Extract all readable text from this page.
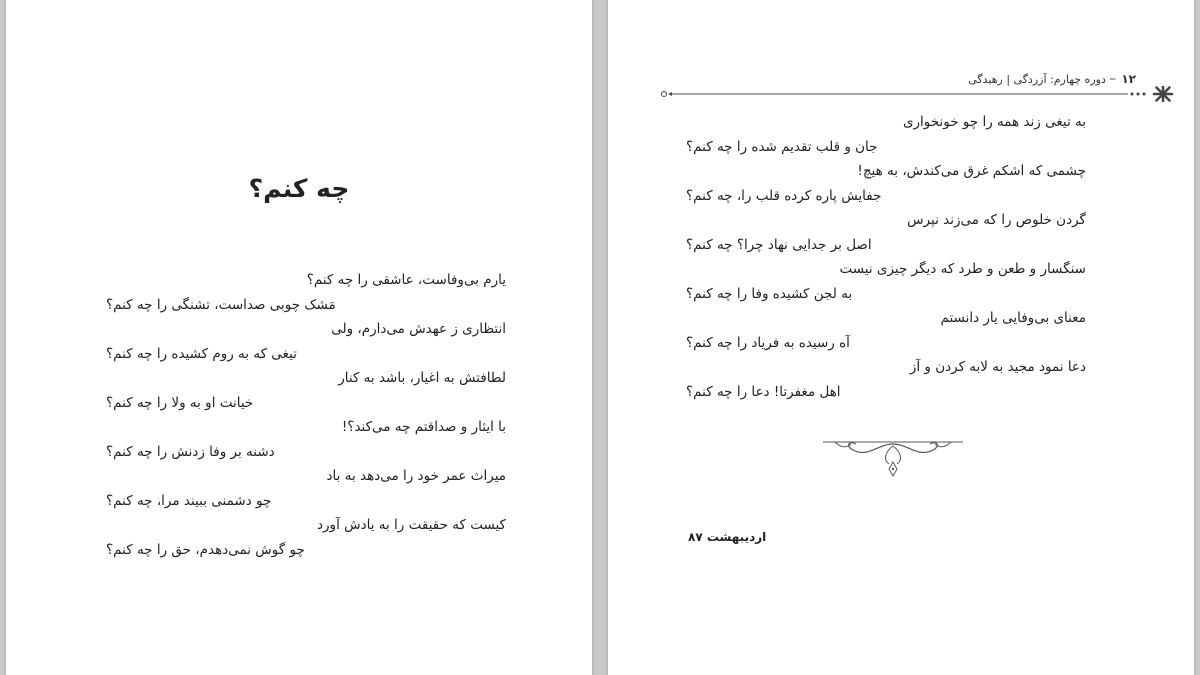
چه کنم؟
یارم بی‌وفاست، عاشقی را چه کنم؟
مَشک چوبی صداست، تشنگی را چه کنم؟
انتظاری ز عهدش می‌دارم، ولی
تیغی که به روم کشیده را چه کنم؟
لطافتش به اغیار، باشد به کنار
خیانت او به ولا را چه کنم؟
با ایثار و صداقتم چه می‌کند؟!
دشنه بر وفا زدنش را چه کنم؟
میراث عمر خود را می‌دهد به باد
چو دشمنی ببیند مرا، چه کنم؟
کیست که حقیقت را به یادش آورد
چو گوش نمی‌دهدم، حق را چه کنم؟
۱۲
⎯
دوره چهارم: آزردگی | رهیدگی
به تیغی زند همه را چو خونخواری
جان و قلب تقدیم شده را چه کنم؟
چشمی که اشکم غرق می‌کندش، به هیچ!
جفایش پاره کرده قلب را، چه کنم؟
گردن خلوص را که می‌زند نپرس
اصل بر جدایی نهاد چرا؟ چه کنم؟
سنگسار و طعن و طرد که دیگر چیزی نیست
به لجن کشیده وفا را چه کنم؟
معنای بی‌وفایی یار دانستم
آه رسیده به فریاد را چه کنم؟
دعا نمود مجید به لابه کردن و آز
اهل مغفرتا! دعا را چه کنم؟
اردیبهشت ۸۷
